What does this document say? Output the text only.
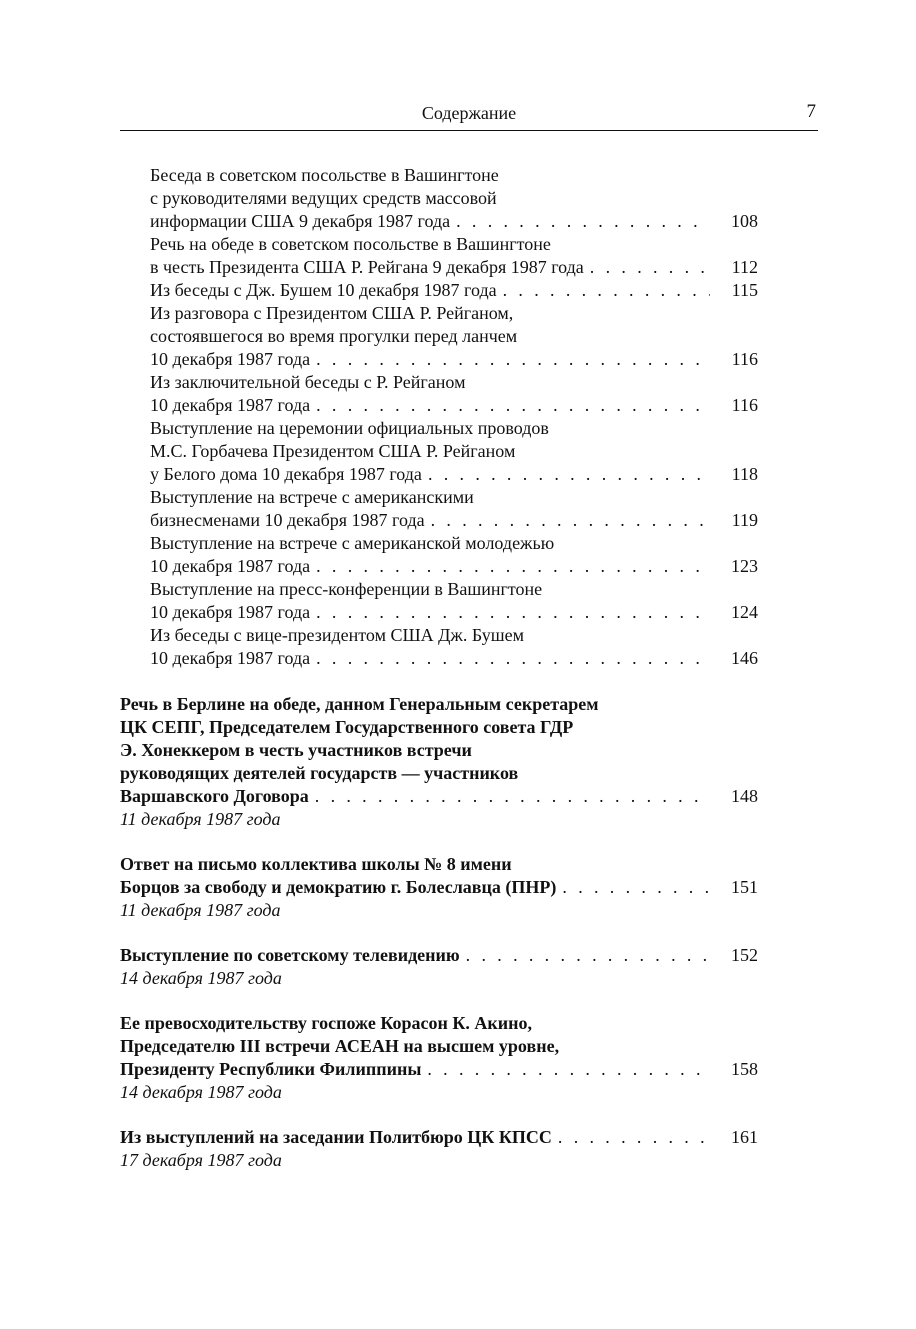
Содержание	7
Беседа в советском посольстве в Вашингтоне
с руководителями ведущих средств массовой
информации США 9 декабря 1987 года . . .	108
Речь на обеде в советском посольстве в Вашингтоне
в честь Президента США Р. Рейгана 9 декабря 1987 года . . .	112
Из беседы с Дж. Бушем 10 декабря 1987 года . . .	115
Из разговора с Президентом США Р. Рейганом,
состоявшегося во время прогулки перед ланчем
10 декабря 1987 года . . .	116
Из заключительной беседы с Р. Рейганом
10 декабря 1987 года . . .	116
Выступление на церемонии официальных проводов
М.С. Горбачева Президентом США Р. Рейганом
у Белого дома 10 декабря 1987 года . . .	118
Выступление на встрече с американскими
бизнесменами 10 декабря 1987 года . . .	119
Выступление на встрече с американской молодежью
10 декабря 1987 года . . .	123
Выступление на пресс-конференции в Вашингтоне
10 декабря 1987 года . . .	124
Из беседы с вице-президентом США Дж. Бушем
10 декабря 1987 года . . .	146
Речь в Берлине на обеде, данном Генеральным секретарем
ЦК СЕПГ, Председателем Государственного совета ГДР
Э. Хонеккером в честь участников встречи
руководящих деятелей государств — участников
Варшавского Договора . . .	148
11 декабря 1987 года
Ответ на письмо коллектива школы № 8 имени
Борцов за свободу и демократию г. Болеславца (ПНР) . . .	151
11 декабря 1987 года
Выступление по советскому телевидению . . .	152
14 декабря 1987 года
Ее превосходительству госпоже Корасон К. Акино,
Председателю III встречи АСЕАН на высшем уровне,
Президенту Республики Филиппины . . .	158
14 декабря 1987 года
Из выступлений на заседании Политбюро ЦК КПСС . . .	161
17 декабря 1987 года
